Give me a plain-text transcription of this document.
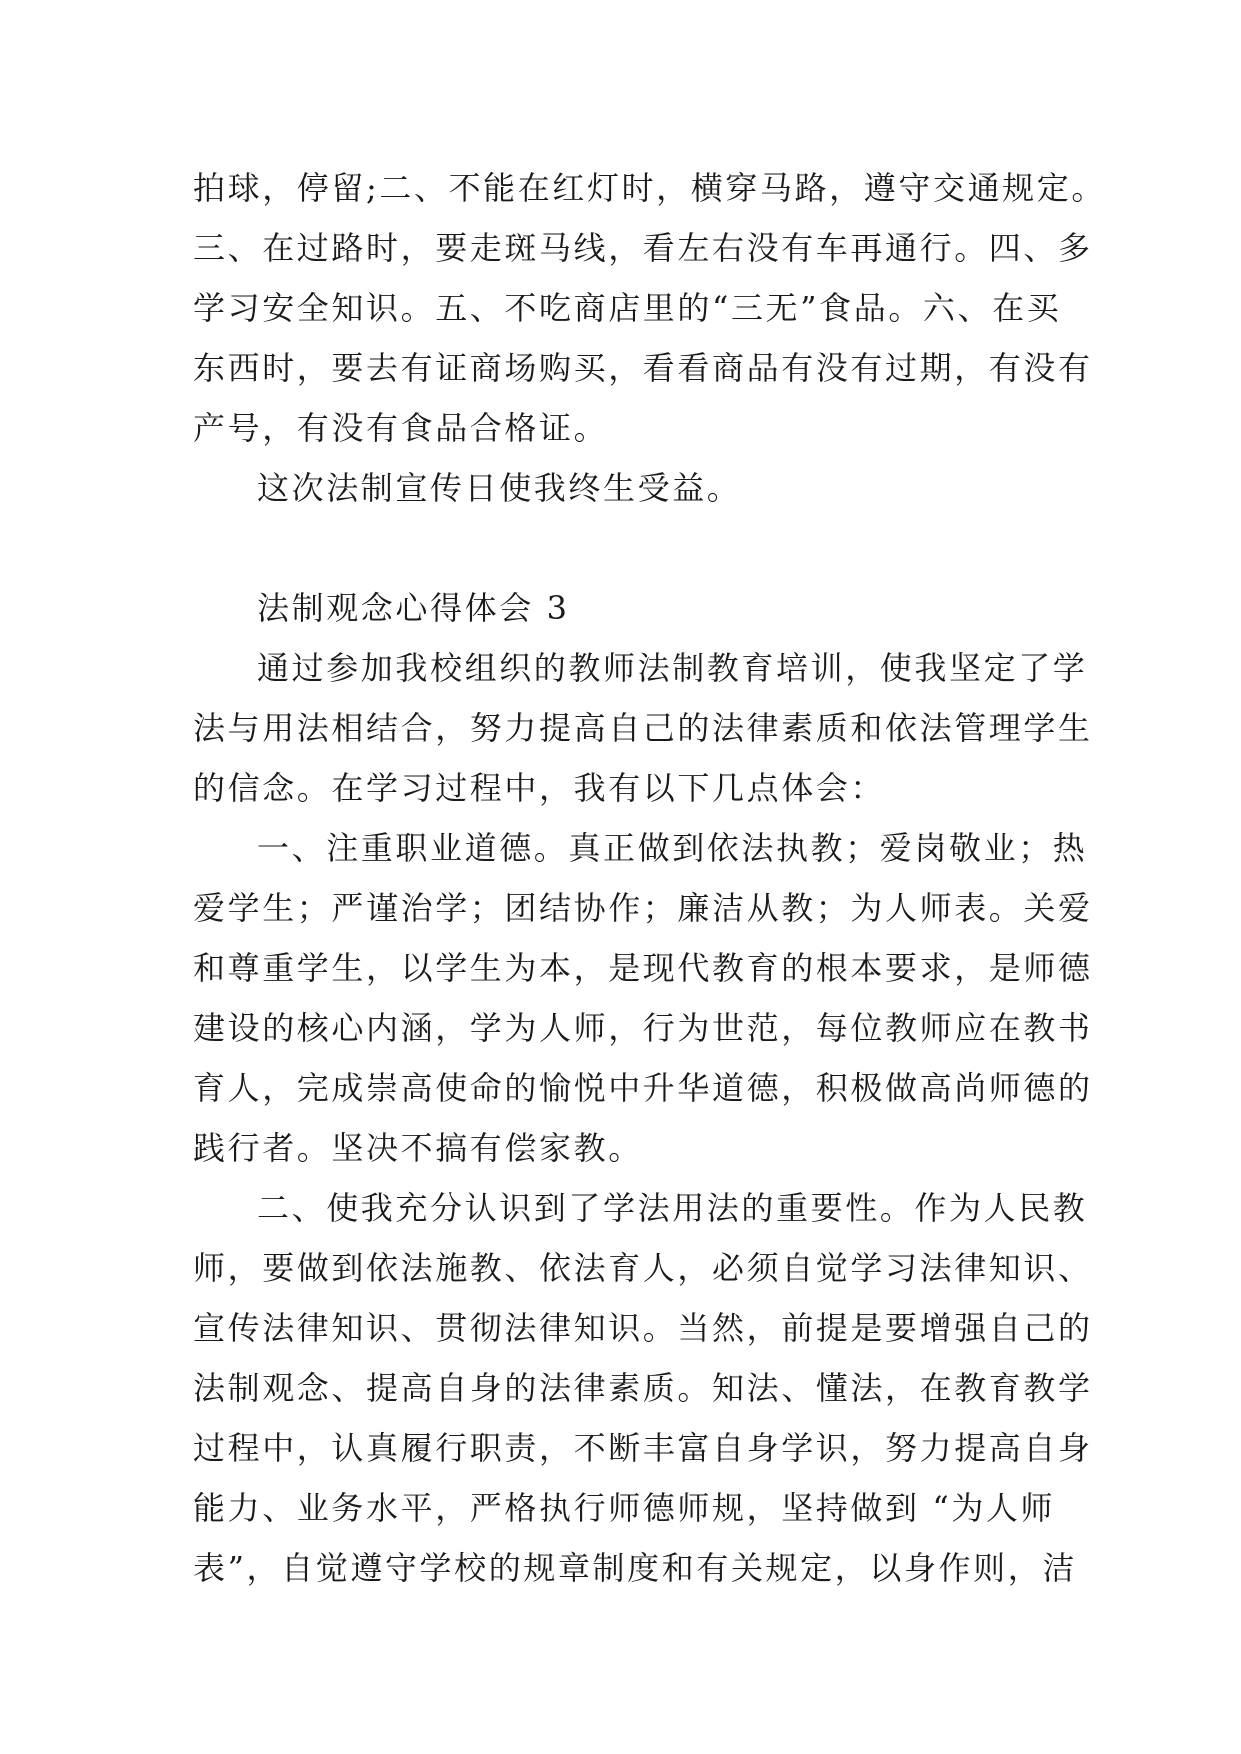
拍球，停留;二、不能在红灯时，横穿马路，遵守交通规定。
三、在过路时，要走斑马线，看左右没有车再通行。四、多
学习安全知识。五、不吃商店里的“三无”食品。六、在买
东西时，要去有证商场购买，看看商品有没有过期，有没有
产号，有没有食品合格证。
这次法制宣传日使我终生受益。
法制观念心得体会 3
通过参加我校组织的教师法制教育培训，使我坚定了学
法与用法相结合，努力提高自己的法律素质和依法管理学生
的信念。在学习过程中，我有以下几点体会：
一、注重职业道德。真正做到依法执教；爱岗敬业；热
爱学生；严谨治学；团结协作；廉洁从教；为人师表。关爱
和尊重学生，以学生为本，是现代教育的根本要求，是师德
建设的核心内涵，学为人师，行为世范，每位教师应在教书
育人，完成崇高使命的愉悦中升华道德，积极做高尚师德的
践行者。坚决不搞有偿家教。
二、使我充分认识到了学法用法的重要性。作为人民教
师，要做到依法施教、依法育人，必须自觉学习法律知识、
宣传法律知识、贯彻法律知识。当然，前提是要增强自己的
法制观念、提高自身的法律素质。知法、懂法，在教育教学
过程中，认真履行职责，不断丰富自身学识，努力提高自身
能力、业务水平，严格执行师德师规，坚持做到 “为人师
表”，自觉遵守学校的规章制度和有关规定，以身作则，洁
